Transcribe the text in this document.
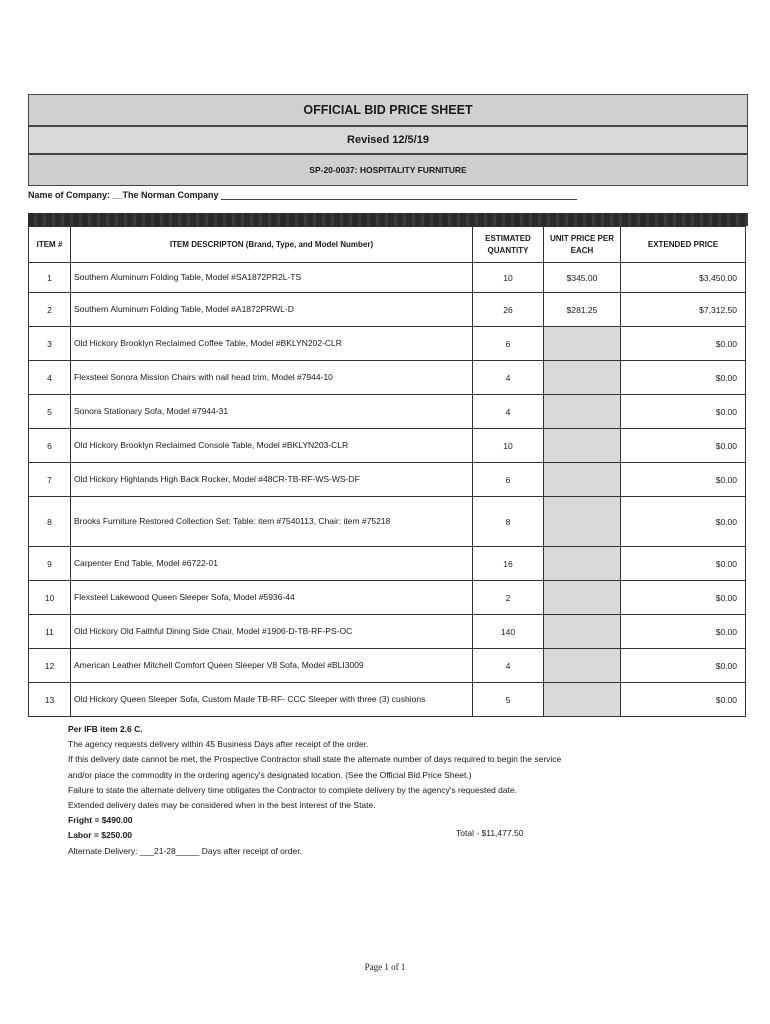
OFFICIAL BID PRICE SHEET
Revised 12/5/19
SP-20-0037: HOSPITALITY FURNITURE
Name of Company: __The Norman Company
ITEM #	ITEM DESCRIPTON (Brand, Type, and Model Number)	ESTIMATED QUANTITY	UNIT PRICE PER EACH	EXTENDED PRICE
1	Southern Aluminum Folding Table, Model #SA1872PR2L-TS	10	$345.00	$3,450.00
2	Southern Aluminum Folding Table, Model #A1872PRWL-D	26	$281.25	$7,312.50
3	Old Hickory Brooklyn Reclaimed Coffee Table, Model #BKLYN202-CLR	6		$0.00
4	Flexsteel Sonora Mission Chairs with nail head trim, Model #7944-10	4		$0.00
5	Sonora Stationary Sofa, Model #7944-31	4		$0.00
6	Old Hickory Brooklyn Reclaimed Console Table, Model #BKLYN203-CLR	10		$0.00
7	Old Hickory Highlands High Back Rocker, Model #48CR-TB-RF-WS-WS-DF	6		$0.00
8	Brooks Furniture Restored Collection Set: Table: item #7540113, Chair: item #75218	8		$0.00
9	Carpenter End Table, Model #6722-01	16		$0.00
10	Flexsteel Lakewood Queen Sleeper Sofa, Model #5936-44	2		$0.00
11	Old Hickory Old Faithful Dining Side Chair, Model #1906-D-TB-RF-PS-OC	140		$0.00
12	American Leather Mitchell Comfort Queen Sleeper V8 Sofa, Model #BLI3009	4		$0.00
13	Old Hickory Queen Sleeper Sofa, Custom Made TB-RF- CCC Sleeper with three (3) cushions	5		$0.00
Per IFB item 2.6 C.
The agency requests delivery within 45 Business Days after receipt of the order.
If this delivery date cannot be met, the Prospective Contractor shall state the alternate number of days required to begin the service
and/or place the commodity in the ordering agency's designated location. (See the Official Bid Price Sheet.)
Failure to state the alternate delivery time obligates the Contractor to complete delivery by the agency's requested date.
Extended delivery dates may be considered when in the best interest of the State.
Fright = $490.00
Labor = $250.00
Alternate Delivery: ___21-28_____ Days after receipt of order.
Total - $11,477.50
Page 1 of 1
